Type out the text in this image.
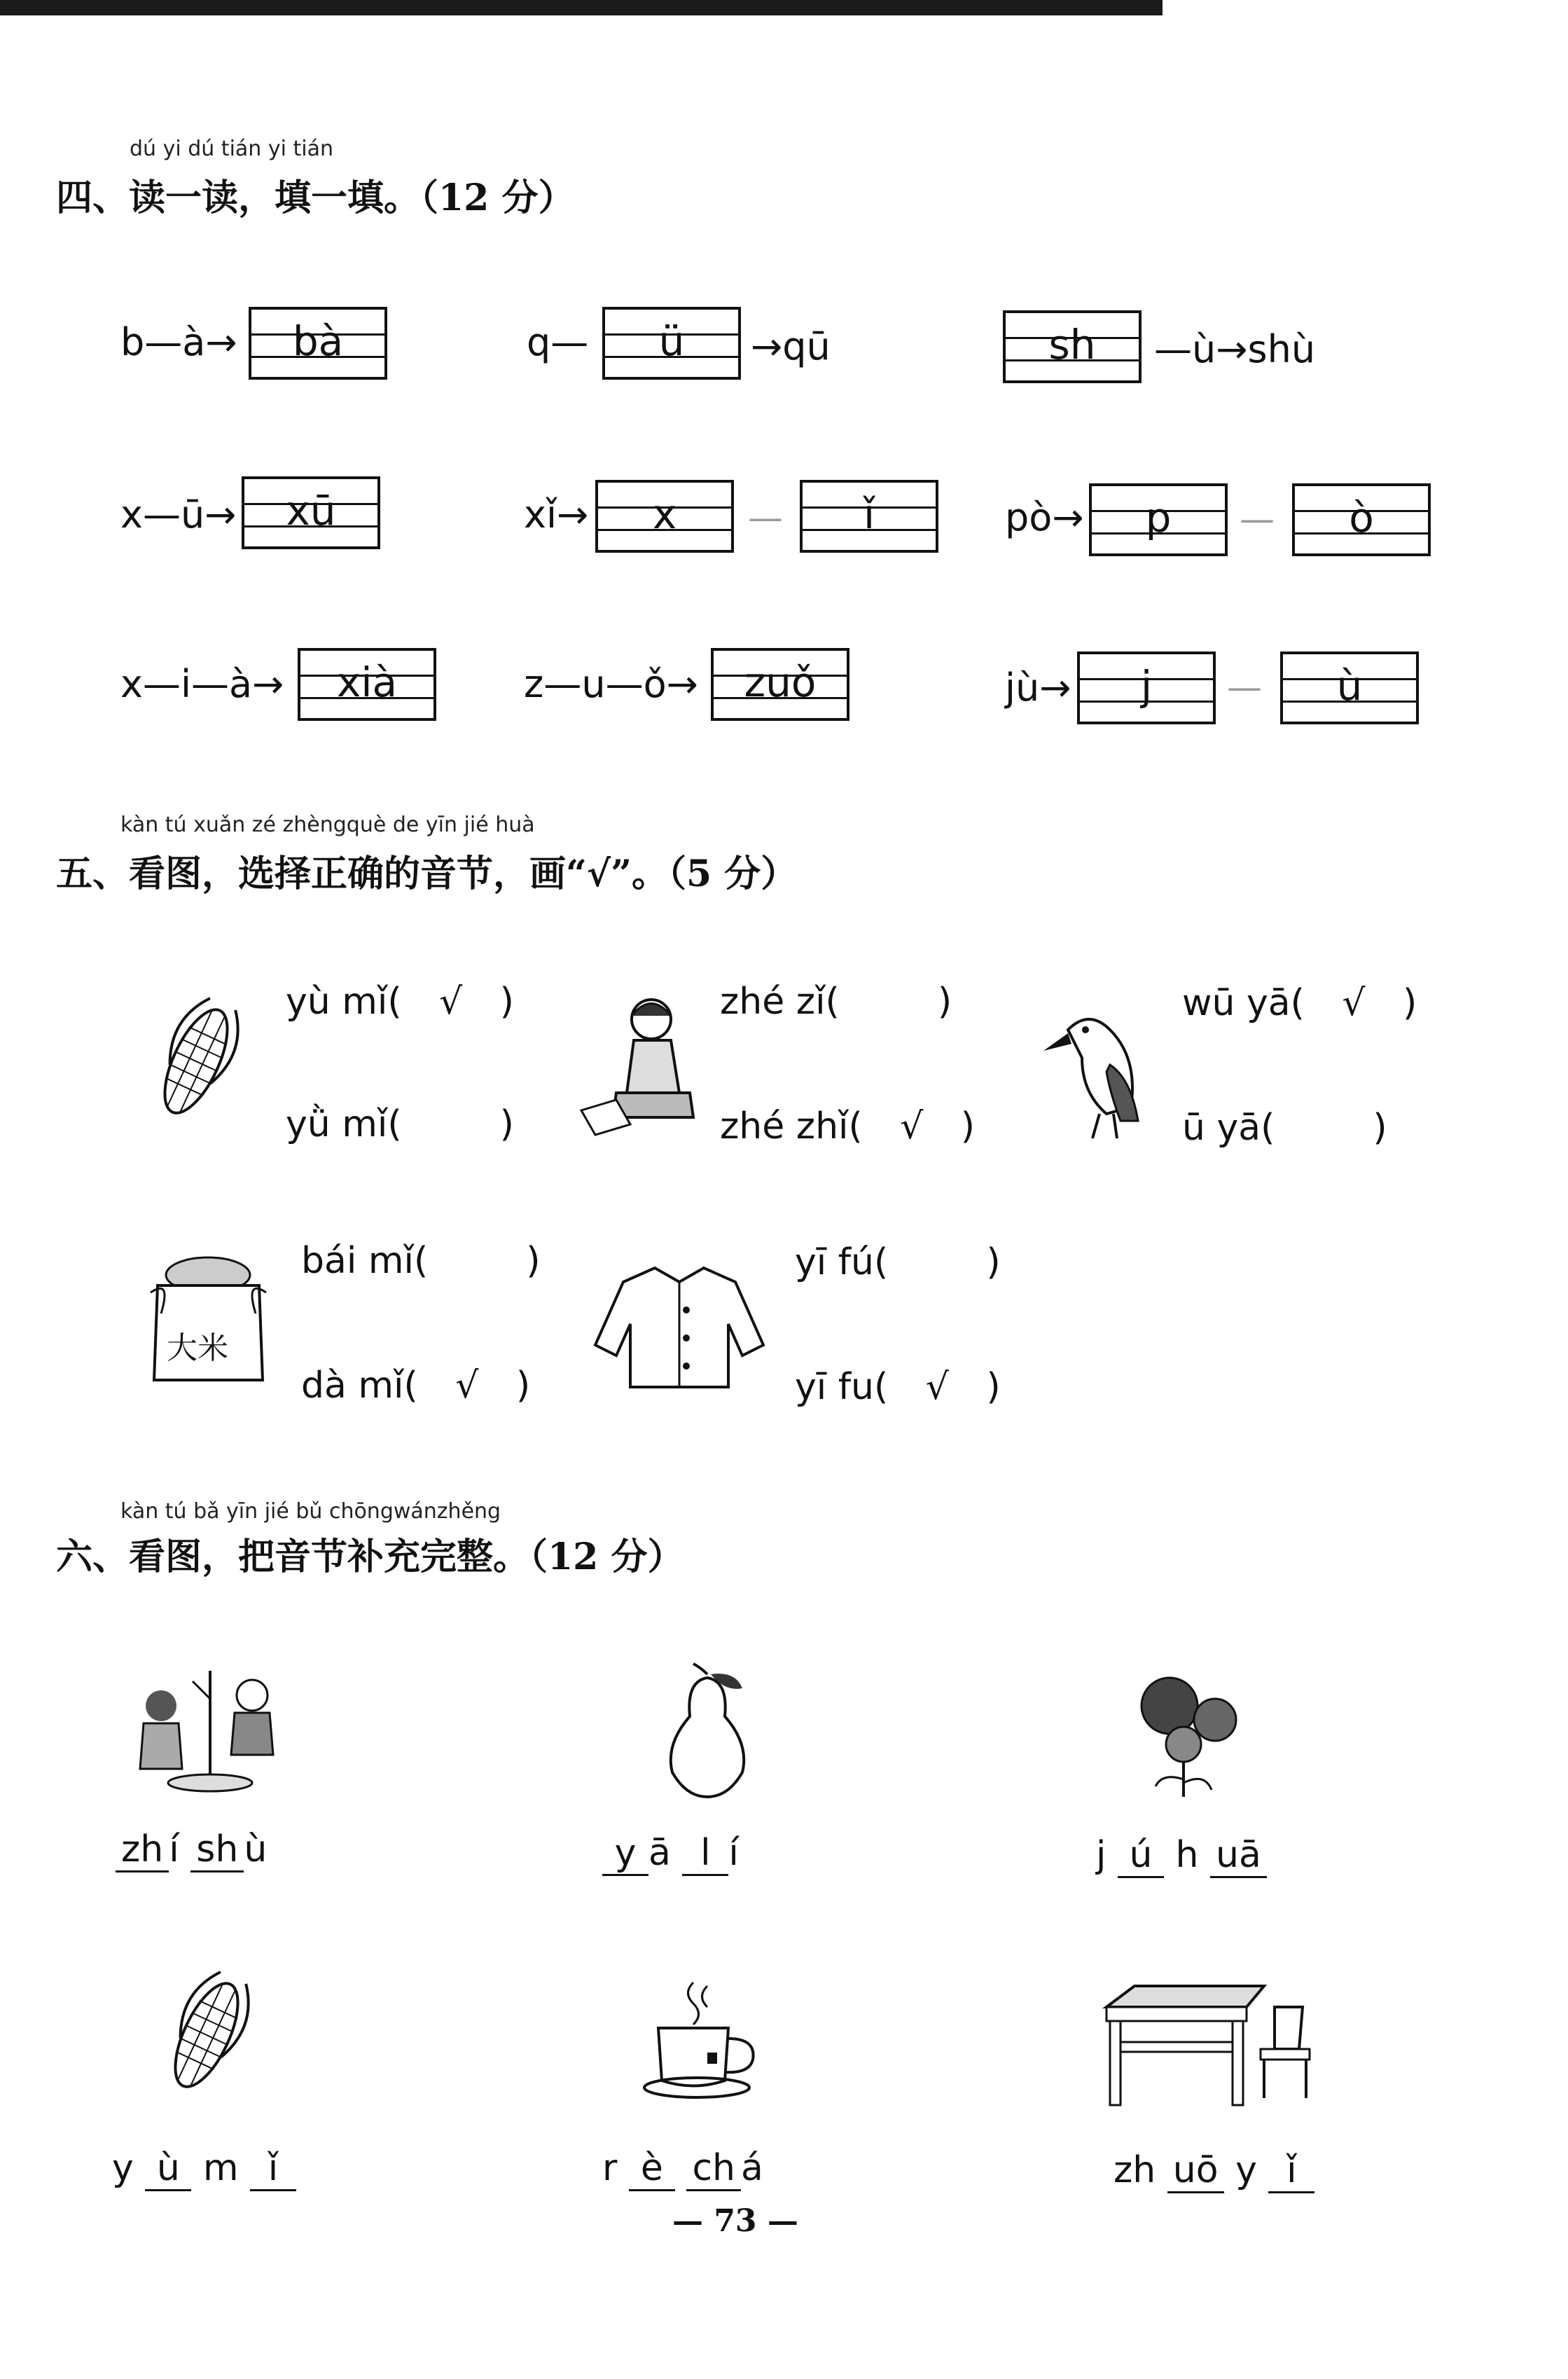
dú yi dú tián yi tián
四、读一读，填一填。（12 分）
b—à→	bà	q—	ü	→qū	sh	—ù→shù
x—ū→	xū	xǐ→	x	—	ǐ	pò→	p	—	ò
x—i—à→	xià	z—u—ǒ→	zuǒ	jù→	j	—	ù
kàn tú xuǎn zé zhèngquè de yīn jié huà
五、看图，选择正确的音节，画“√”。（5 分）
yù mǐ( √ )
yǜ mǐ(	)
zhé zǐ(	)
zhé zhǐ( √ )
wū yā( √ )
ū yā(	)
大米
bái mǐ(	)
dà mǐ( √ )
yī fú(	)
yī fu( √ )
kàn tú bǎ yīn jié bǔ chōngwánzhěng
六、看图，把音节补充完整。（12 分）
zh í sh ù	y ā l í	j ú h uā
y ù m ǐ	r è ch á	zh uō y ǐ
— 73 —
